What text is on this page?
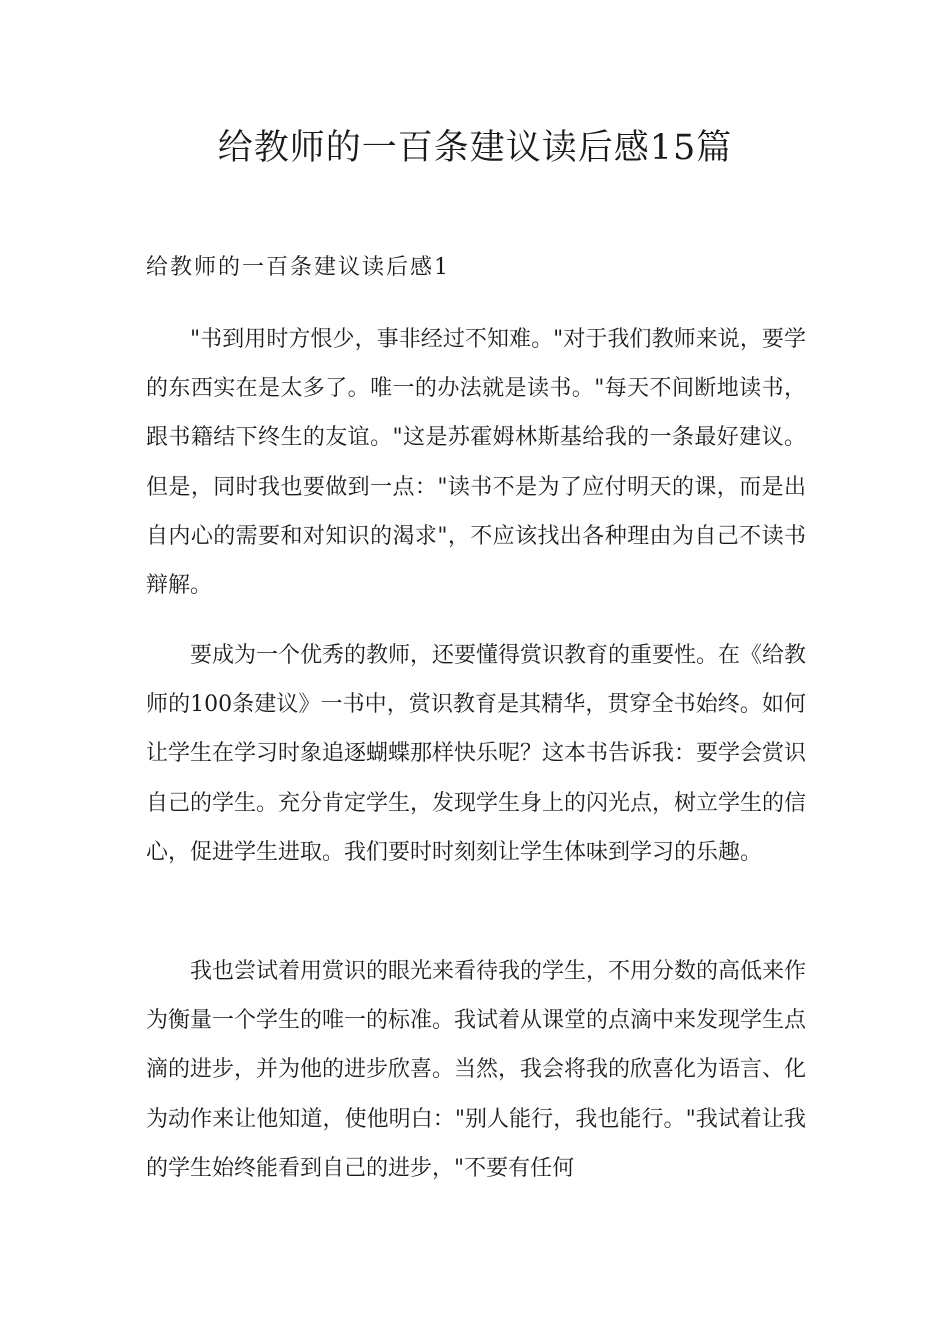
给教师的一百条建议读后感15篇
给教师的一百条建议读后感1

"书到用时方恨少，事非经过不知难。"对于我们教师来说，要学的东西实在是太多了。唯一的办法就是读书。"每天不间断地读书，跟书籍结下终生的友谊。"这是苏霍姆林斯基给我的一条最好建议。但是，同时我也要做到一点："读书不是为了应付明天的课，而是出自内心的需要和对知识的渴求"，不应该找出各种理由为自己不读书辩解。

要成为一个优秀的教师，还要懂得赏识教育的重要性。在《给教师的100条建议》一书中，赏识教育是其精华，贯穿全书始终。如何让学生在学习时象追逐蝴蝶那样快乐呢？这本书告诉我：要学会赏识自己的学生。充分肯定学生，发现学生身上的闪光点，树立学生的信心，促进学生进取。我们要时时刻刻让学生体味到学习的乐趣。

我也尝试着用赏识的眼光来看待我的学生，不用分数的高低来作为衡量一个学生的唯一的标准。我试着从课堂的点滴中来发现学生点滴的进步，并为他的进步欣喜。当然，我会将我的欣喜化为语言、化为动作来让他知道，使他明白："别人能行，我也能行。"我试着让我的学生始终能看到自己的进步，"不要有任何
